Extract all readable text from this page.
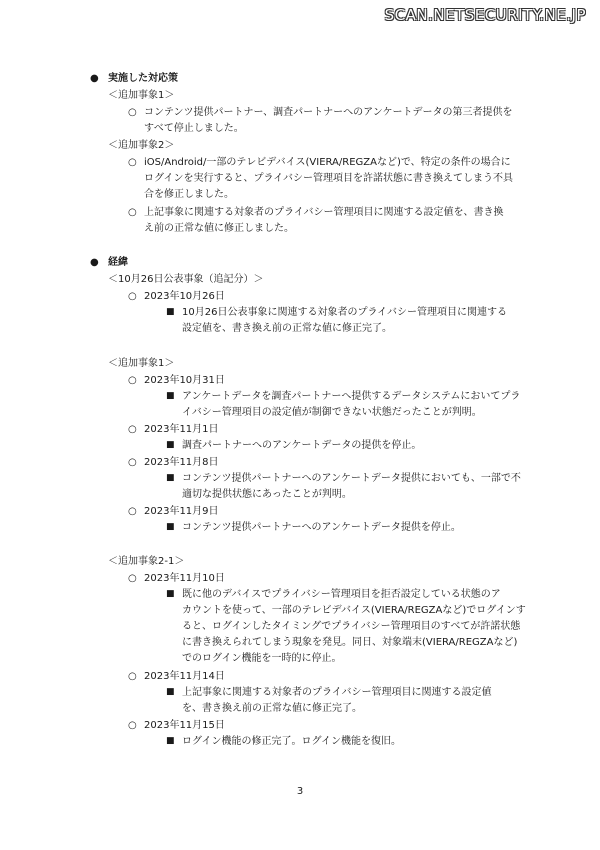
SCAN.NETSECURITY.NE.JP
● 実施した対応策
＜追加事象1＞
○ コンテンツ提供パートナー、調査パートナーへのアンケートデータの第三者提供を
すべて停止しました。
＜追加事象2＞
○ iOS/Android/一部のテレビデバイス(VIERA/REGZAなど)で、特定の条件の場合に
ログインを実行すると、プライバシー管理項目を許諾状態に書き換えてしまう不具
合を修正しました。
○ 上記事象に関連する対象者のプライバシー管理項目に関連する設定値を、書き換
え前の正常な値に修正しました。
● 経緯
＜10月26日公表事象（追記分）＞
○ 2023年10月26日
■ 10月26日公表事象に関連する対象者のプライバシー管理項目に関連する
設定値を、書き換え前の正常な値に修正完了。
＜追加事象1＞
○ 2023年10月31日
■ アンケートデータを調査パートナーへ提供するデータシステムにおいてプラ
イバシー管理項目の設定値が制御できない状態だったことが判明。
○ 2023年11月1日
■ 調査パートナーへのアンケートデータの提供を停止。
○ 2023年11月8日
■ コンテンツ提供パートナーへのアンケートデータ提供においても、一部で不
適切な提供状態にあったことが判明。
○ 2023年11月9日
■ コンテンツ提供パートナーへのアンケートデータ提供を停止。
＜追加事象2-1＞
○ 2023年11月10日
■ 既に他のデバイスでプライバシー管理項目を拒否設定している状態のア
カウントを使って、一部のテレビデバイス(VIERA/REGZAなど)でログインす
ると、ログインしたタイミングでプライバシー管理項目のすべてが許諾状態
に書き換えられてしまう現象を発見。同日、対象端末(VIERA/REGZAなど)
でのログイン機能を一時的に停止。
○ 2023年11月14日
■ 上記事象に関連する対象者のプライバシー管理項目に関連する設定値
を、書き換え前の正常な値に修正完了。
○ 2023年11月15日
■ ログイン機能の修正完了。ログイン機能を復旧。
3
